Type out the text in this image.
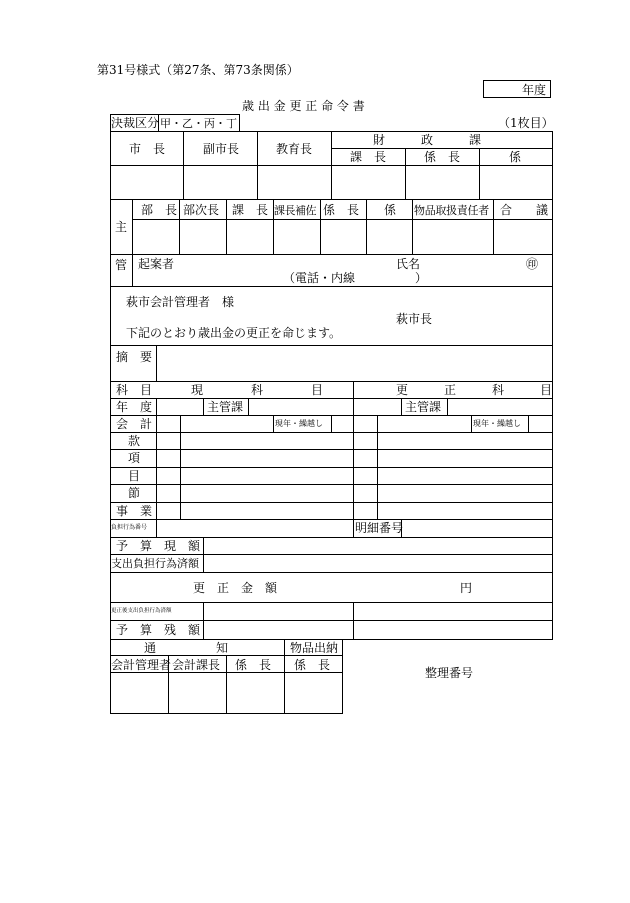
第31号様式（第27条、第73条関係）
年度
歳 出 金 更 正 命 令 書
（1枚目）
決裁区分 甲・乙・丙・丁
市　長	副市長	教育長
財　　　政　　　課
課　長	係　長	係
主
管
部　長 部次長 課　長 課長補佐 係　長 係 物品取扱責任者 合　　議
起案者	氏名	㊞
（電話・内線　　　　　）
萩市会計管理者　様
萩市長
下記のとおり歳出金の更正を命じます。
摘　要
科　目	現　　　　科　　　　目	更　　　正　　　科　　　目
年　度	主管課	主管課
会　計	現年・繰越し	現年・繰越し
款
項
目
節
事　業
負担行為番号	明細番号
予　算　現　額
支出負担行為済額
更　正　金　額	円
更正後支出負担行為済額
予　算　残　額
通　　　　　知	物品出納
会計管理者 会計課長 係　長 係　長
整理番号
